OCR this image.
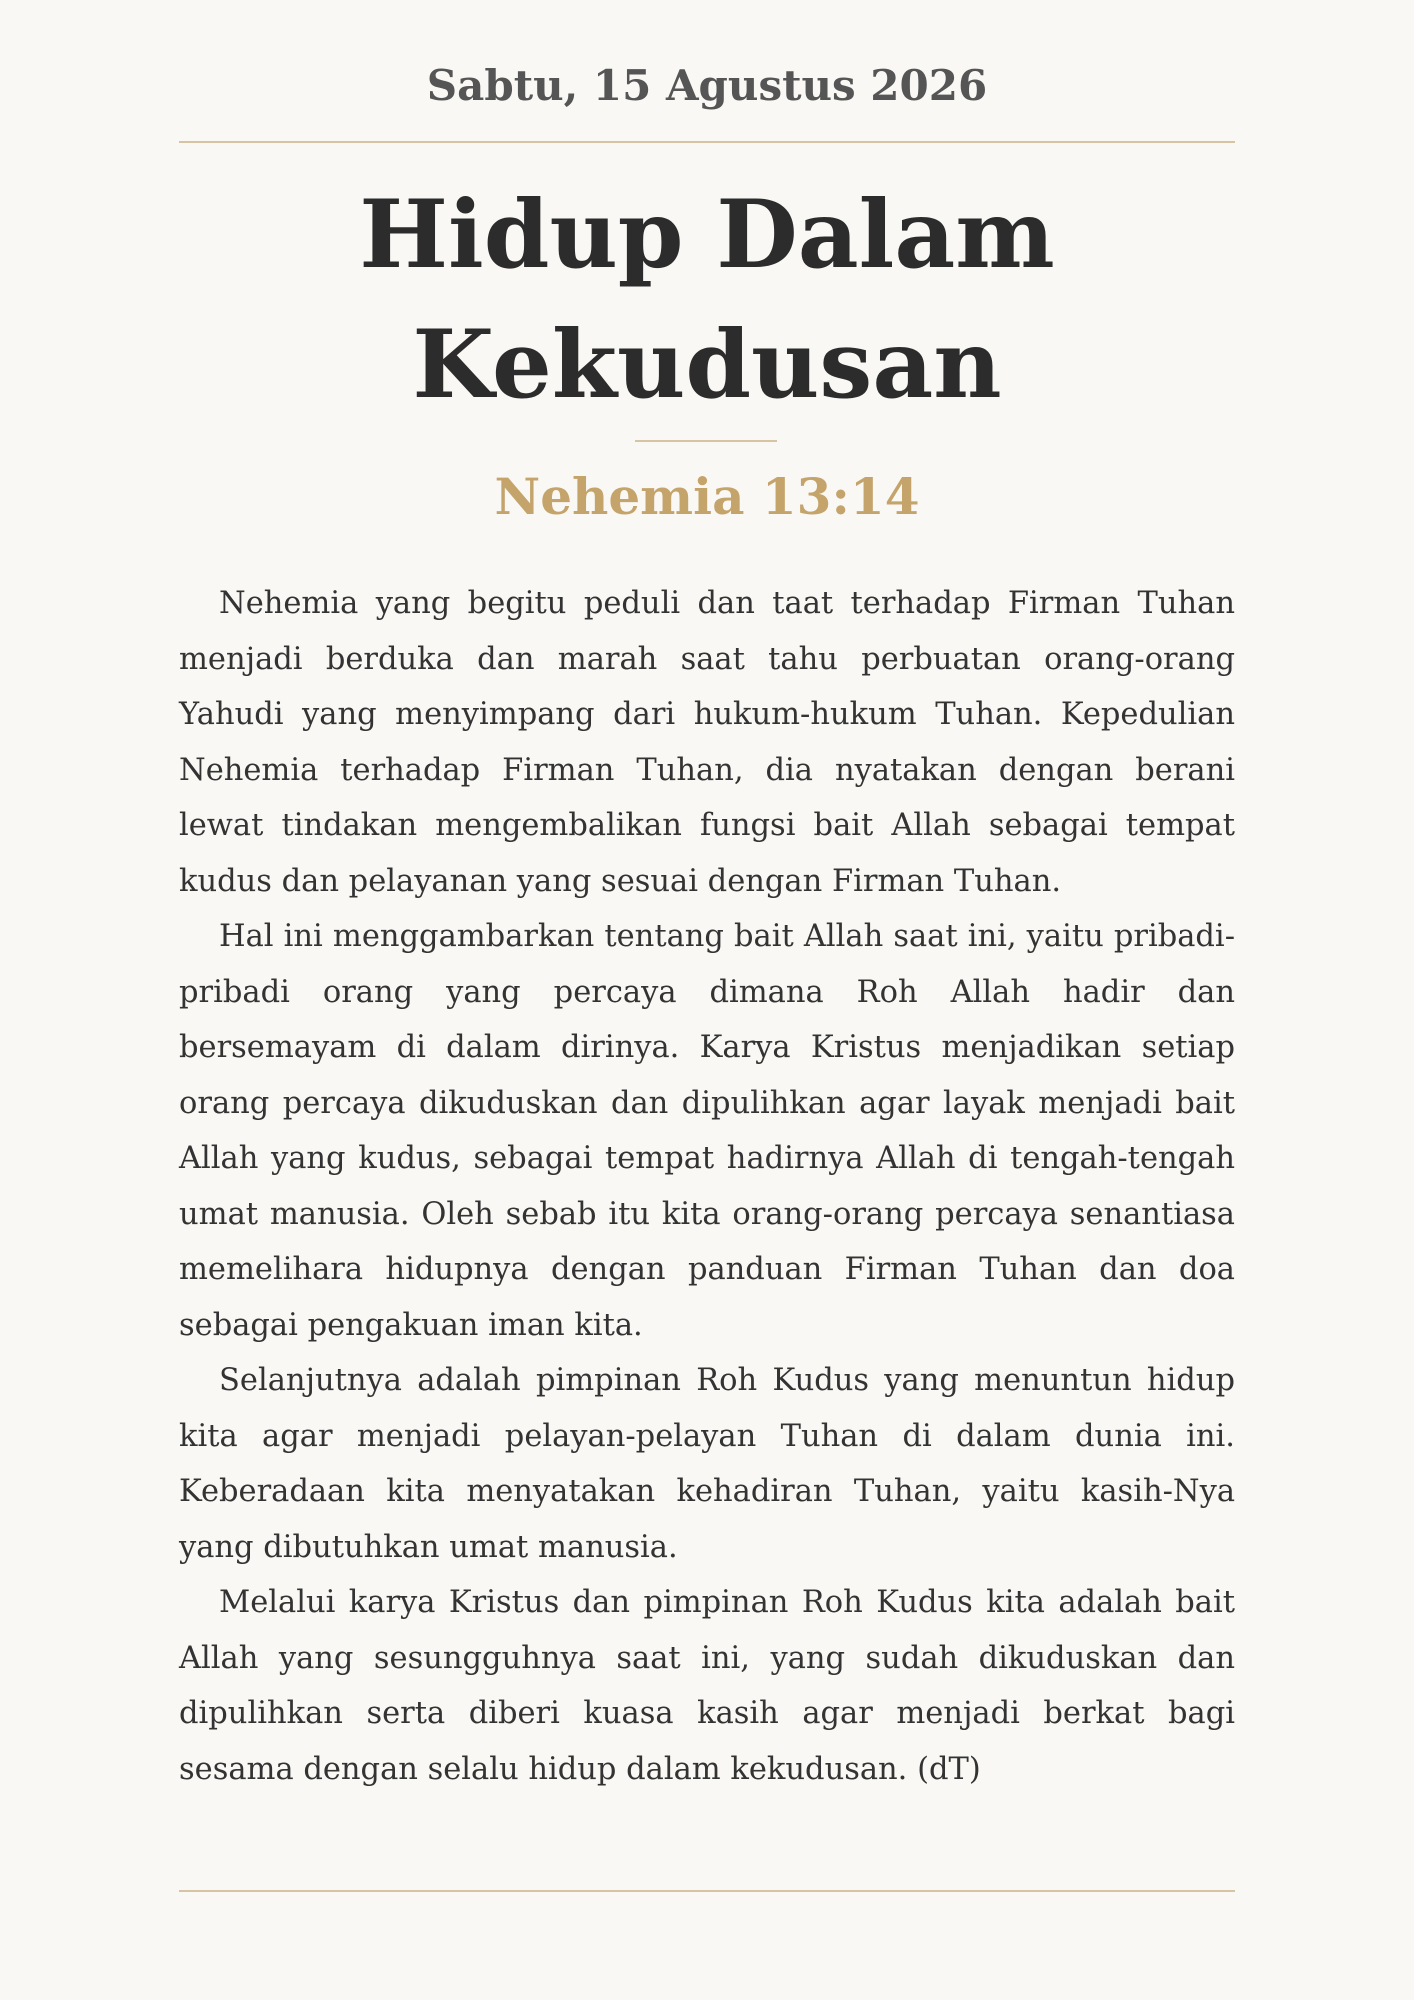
Sabtu, 15 Agustus 2026
Hidup Dalam Kekudusan
Nehemia 13:14

Nehemia yang begitu peduli dan taat terhadap Firman Tuhan menjadi berduka dan marah saat tahu perbuatan orang-orang Yahudi yang menyimpang dari hukum-hukum Tuhan. Kepedulian Nehemia terhadap Firman Tuhan, dia nyatakan dengan berani lewat tindakan mengembalikan fungsi bait Allah sebagai tempat kudus dan pelayanan yang sesuai dengan Firman Tuhan.

Hal ini menggambarkan tentang bait Allah saat ini, yaitu pribadi-pribadi orang yang percaya dimana Roh Allah hadir dan bersemayam di dalam dirinya. Karya Kristus menjadikan setiap orang percaya dikuduskan dan dipulihkan agar layak menjadi bait Allah yang kudus, sebagai tempat hadirnya Allah di tengah-tengah umat manusia. Oleh sebab itu kita orang-orang percaya senantiasa memelihara hidupnya dengan panduan Firman Tuhan dan doa sebagai pengakuan iman kita.

Selanjutnya adalah pimpinan Roh Kudus yang menuntun hidup kita agar menjadi pelayan-pelayan Tuhan di dalam dunia ini. Keberadaan kita menyatakan kehadiran Tuhan, yaitu kasih-Nya yang dibutuhkan umat manusia.

Melalui karya Kristus dan pimpinan Roh Kudus kita adalah bait Allah yang sesungguhnya saat ini, yang sudah dikuduskan dan dipulihkan serta diberi kuasa kasih agar menjadi berkat bagi sesama dengan selalu hidup dalam kekudusan. (dT)
